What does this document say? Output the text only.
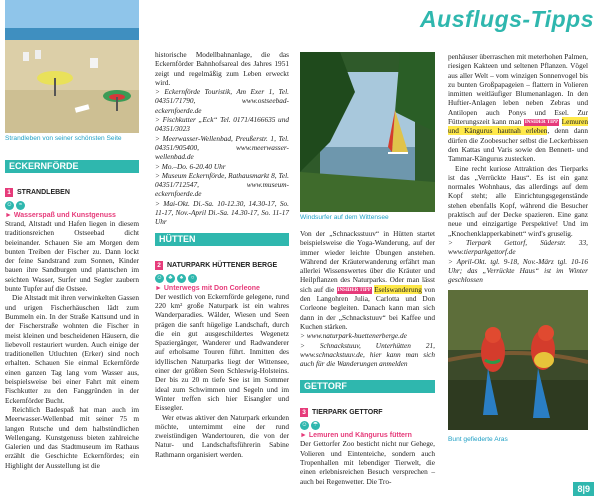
Strandleben von seiner schönsten Seite
ECKERNFÖRDE
1 STRANDLEBEN
☺	≈
► Wasserspaß und Kunstgenuss

Strand, Altstadt und Hafen liegen in diesem traditionsreichen Ostseebad dicht beieinander. Schauen Sie am Morgen dem bunten Treiben der Fischer zu. Dann lockt der feine Sandstrand zum Sonnen, Kinder bauen ihre Sandburgen und plantschen im seichten Wasser, Surfer und Segler zaubern bunte Tupfer auf die Ostsee.

Die Altstadt mit ihren verwinkelten Gassen und urigen Fischerhäuschen lädt zum Bummeln ein. In der Straße Kattsund und in der Fischerstraße wohnten die Fischer in meist kleinen und bescheidenen Häusern, die liebevoll restauriert wurden. Auch einige der traditionellen Utluchten (Erker) sind noch erhalten. Schauen Sie einmal Eckernförde einen ganzen Tag lang vom Wasser aus, beispielsweise bei einer Fahrt mit einem Fischkutter zu den Fanggründen in der Eckernförder Bucht.

Reichlich Badespaß hat man auch im Meerwasser-Wellenbad mit seiner 75 m langen Rutsche und dem halbstündlichen Wellengang. Kunstgenuss bieten zahlreiche Galerien und das Stadtmuseum im Rathaus erzählt die Geschichte Eckernfördes; ein Highlight der Ausstellung ist die

historische Modellbahnanlage, die das Eckernförder Bahnhofsareal des Jahres 1951 zeigt und regelmäßig zum Leben erweckt wird.

> Eckernförde Touristik, Am Exer 1, Tel. 04351/71790, www.ostseebad-eckernfoerde.de

> Fischkutter „Eck“ Tel. 0171/4166635 und 04351/3023

> Meerwasser-Wellenbad, Preußerstr. 1, Tel. 04351/905400, www.meerwasser-wellenbad.de

> Mo.–Do. 6-20.40 Uhr

> Museum Eckernförde, Rathausmarkt 8, Tel. 04351/712547, www.museum-eckernfoerde.de

> Mai-Okt. Di.-Sa. 10-12.30, 14.30-17, So. 11-17, Nov.-April Di.-Sa. 14.30-17, So. 11-17 Uhr

HÜTTEN
2 NATURPARK HÜTTENER BERGE
☺ ♣	♠	○
► Unterwegs mit Don Corleone

Der westlich von Eckernförde gelegene, rund 220 km² große Naturpark ist ein wahres Wanderparadies. Wälder, Wiesen und Seen prägen die sanft hügelige Landschaft, durch die ein gut ausgeschildertes Wegenetz Spaziergänger, Wanderer und Radwanderer auf erholsame Touren führt. Inmitten des idyllischen Naturparks liegt der Wittensee, einer der größten Seen Schleswig-Holsteins. Der bis zu 20 m tiefe See ist im Sommer ideal zum Schwimmen und Segeln und im Winter treffen sich hier Eisangler und Eissegler.

Wer etwas aktiver den Naturpark erkunden möchte, unternimmt eine der rund zweistündigen Wandertouren, die von der Natur- und Landschaftsführerin Sabine Rathmann organisiert werden.

Windsurfer auf dem Wittensee

Von der „Schnacksstuuv“ in Hütten startet beispielsweise die Yoga-Wanderung, auf der immer wieder leichte Übungen anstehen. Während der Kräuterwanderung erfährt man allerlei Wissenswertes über die Kräuter und Heilpflanzen des Naturparks. Oder man lässt sich auf die INSIDER TIPP Eselswanderung von den Langohren Julia, Carlotta und Don Corleone begleiten. Danach kann man sich dann in der „Schnackstuuv“ bei Kaffee und Kuchen stärken.

> www.naturpark-huettenerberge.de

> Schnackstuuv, Unterhütten 21, www.schnackstuuv.de, hier kann man sich auch für die Wanderungen anmelden

GETTORF
3 TIERPARK GETTORF
☺ ☂
► Lemuren und Kängurus füttern

Der Gettorfer Zoo besticht nicht nur Gehege, Volieren und Eintenteiche, sondern auch Tropenhallen mit lebendiger Tierwelt, die einen erlebnisreichen Besuch versprechen – auch bei Regenwetter. Die Tro-

Ausflugs-Tipps

penhäuser überraschen mit meterhohen Palmen, riesigen Kakteen und seltenen Pflanzen. Vögel aus aller Welt – vom winzigen Sonnenvogel bis zu bunten Großpapageien – flattern in Volieren inmitten weitläufiger Blumenanlagen. In den Huftier-Anlagen leben neben Zebras und Antilopen auch Ponys und Esel. Zur Fütterungszeit kann man INSIDER TIPP Lemuren und Kängurus hautnah erleben, denn dann dürfen die Zoobesucher selbst die Leckerbissen den Kattas und Varis sowie den Bennett- und Tammar-Kängurus zustecken.

Eine recht kuriose Attraktion des Tierparks ist das „Verrückte Haus“. Es ist ein ganz normales Wohnhaus, das allerdings auf dem Kopf steht; alle Einrichtungsgegenstände stehen ebenfalls Kopf, während die Besucher praktisch auf der Decke spazieren. Eine ganz neue und einzigartige Perspektive! Und im „Knochenklapperkabinett“ wird's gruselig.

> Tierpark Gettorf, Süderstr. 33, www.tierparkgettorf.de

> April-Okt. tgl. 9-18, Nov.-März tgl. 10-16 Uhr; das „Verrückte Haus“ ist im Winter geschlossen

Bunt gefiederte Aras
8|9
